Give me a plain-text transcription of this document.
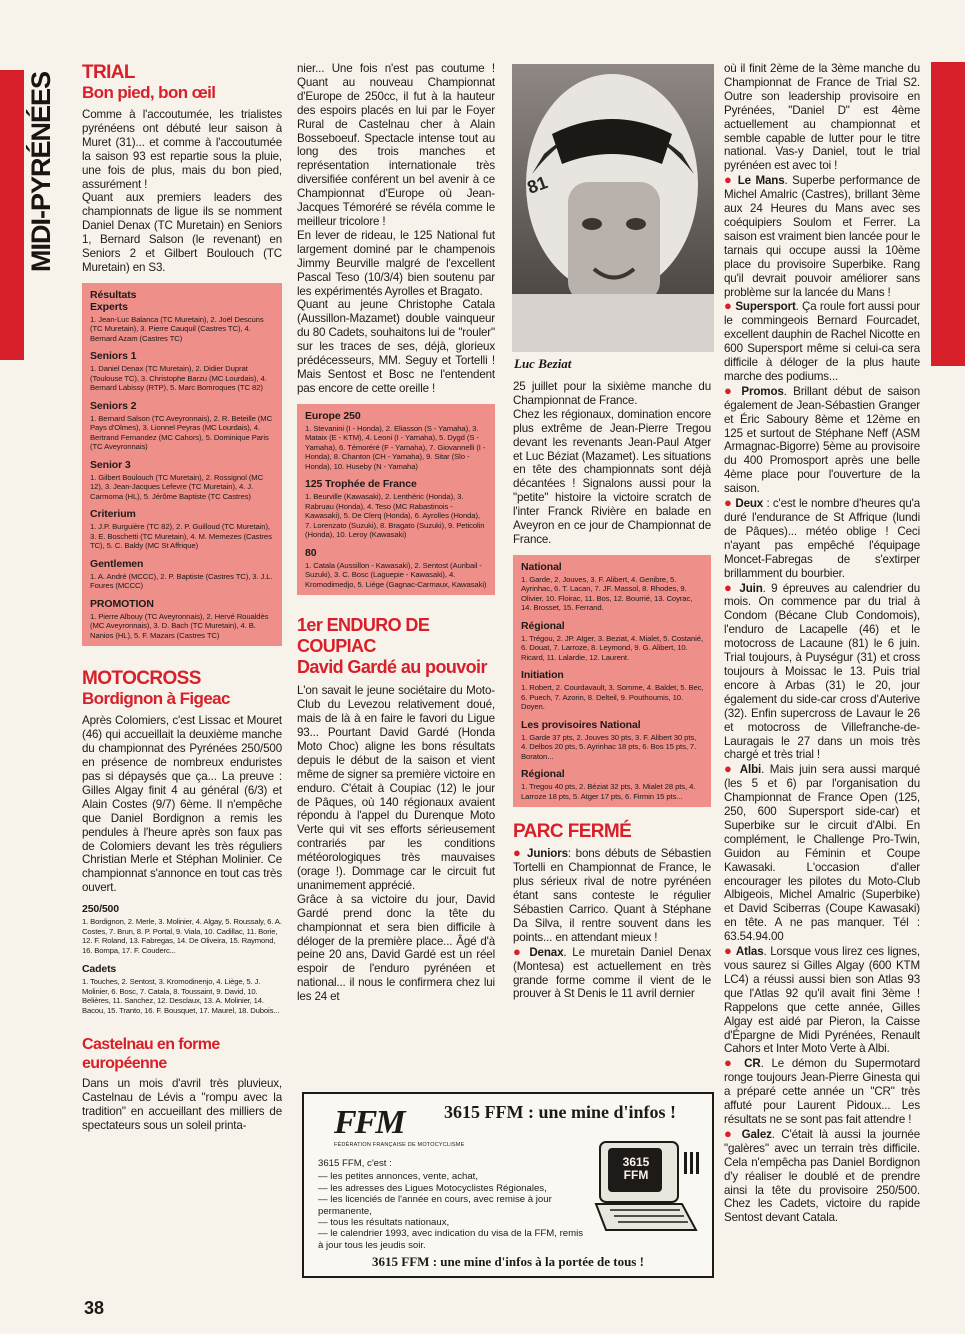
MIDI-PYRÉNÉES TRIAL
Bon pied, bon œil

Comme à l'accoutumée, les trialistes pyrénéens ont débuté leur saison à Muret (31)... et comme à l'accoutumée la saison 93 est repartie sous la pluie, une fois de plus, mais du bon pied, assurément !

Quant aux premiers leaders des championnats de ligue ils se nomment Daniel Denax (TC Muretain) en Seniors 1, Bernard Salson (le revenant) en Seniors 2 et Gilbert Boulouch (TC Muretain) en S3.

Résultats
Experts
1. Jean-Luc Balanca (TC Muretain), 2. Joël Descuns (TC Muretain), 3. Pierre Cauquil (Castres TC), 4. Bernard Azam (Castres TC)
Seniors 1
1. Daniel Denax (TC Muretain), 2. Didier Duprat (Toulouse TC), 3. Christophe Barzu (MC Lourdais), 4. Bernard Labissy (RTP), 5. Marc Bomroques (TC 82)
Seniors 2
1. Bernard Salson (TC Aveyronnais), 2. R. Beteille (MC Pays d'Olmes), 3. Lionnel Peyras (MC Lourdais), 4. Bertrand Fernandez (MC Cahors), 5. Dominique Paris (TC Aveyronnais)
Senior 3
1. Gilbert Boulouch (TC Muretain), 2. Rossignol (MC 12), 3. Jean-Jacques Lefevre (TC Muretain), 4. J. Carmoma (HL), 5. Jérôme Baptiste (TC Castres)
Criterium
1. J.P. Burguière (TC 82), 2. P. Guilloud (TC Muretain), 3. E. Boschetti (TC Muretain), 4. M. Memezes (Castres TC), 5. C. Baldy (MC St Affrique)
Gentlemen
1. A. André (MCCC), 2. P. Baptiste (Castres TC), 3. J.L. Foures (MCCC)
PROMOTION
1. Pierre Albouy (TC Aveyronnais), 2. Hervé Roualdès (MC Aveyronnais), 3. D. Bach (TC Muretain), 4. B. Nanios (HL), 5. F. Mazars (Castres TC)
MOTOCROSS
Bordignon à Figeac

Après Colomiers, c'est Lissac et Mouret (46) qui accueillait la deuxième manche du championnat des Pyrénées 250/500 en présence de nombreux enduristes pas si dépaysés que ça... La preuve : Gilles Algay finit 4 au général (6/3) et Alain Costes (9/7) 6ème. Il n'empêche que Daniel Bordignon a remis les pendules à l'heure après son faux pas de Colomiers devant les très réguliers Christian Merle et Stéphan Molinier. Ce championnat s'annonce en tout cas très ouvert.

250/500
1. Bordignon, 2. Merle, 3. Molinier, 4. Algay, 5. Roussaly, 6. A. Costes, 7. Brun, 8. P. Portal, 9. Viala, 10. Cadillac, 11. Borie, 12. F. Roland, 13. Fabregas, 14. De Oliveira, 15. Raymond, 16. Bompa, 17. F. Couderc...
Cadets
1. Touches, 2. Sentost, 3. Kromodinenjo, 4. Liège, 5. J. Molinier, 6. Bosc, 7. Catala, 8. Toussaint, 9. David, 10. Belières, 11. Sanchez, 12. Desclaux, 13. A. Molinier, 14. Bacou, 15. Tranto, 16. F. Bousquet, 17. Maurel, 18. Dubois...
Castelnau en forme européenne

Dans un mois d'avril très pluvieux, Castelnau de Lévis a "rompu avec la tradition" en accueillant des milliers de spectateurs sous un soleil printa-

nier... Une fois n'est pas coutume ! Quant au nouveau Championnat d'Europe de 250cc, il fut à la hauteur des espoirs placés en lui par le Foyer Rural de Castelnau cher à Alain Bosseboeuf. Spectacle intense tout au long des trois manches et représentation internationale très diversifiée conférent un bel avenir à ce Championnat d'Europe où Jean-Jacques Témoréré se révéla comme le meilleur tricolore !

En lever de rideau, le 125 National fut largement dominé par le champenois Jimmy Beurville malgré de l'excellent Pascal Teso (10/3/4) bien soutenu par les expérimentés Ayrolles et Bragato.

Quant au jeune Christophe Catala (Aussillon-Mazamet) double vainqueur du 80 Cadets, souhaitons lui de "rouler" sur les traces de ses, déjà, glorieux prédécesseurs, MM. Seguy et Tortelli ! Mais Sentost et Bosc ne l'entendent pas encore de cette oreille !

Europe 250
1. Stevanini (I - Honda), 2. Eliasson (S - Yamaha), 3. Mataix (E - KTM), 4. Leoni (I - Yamaha), 5. Dygd (S - Yamaha), 6. Témoréré (F - Yamaha), 7. Giovannelli (I - Honda), 8. Chanton (CH - Yamaha), 9. Sitar (Slo - Honda), 10. Huseby (N - Yamaha)
125 Trophée de France
1. Beurville (Kawasaki), 2. Lenthéric (Honda), 3. Rabruau (Honda), 4. Teso (MC Rabastinois - Kawasaki), 5. De Clerq (Honda), 6. Ayrolles (Honda), 7. Lorenzato (Suzuki), 8. Bragato (Suzuki), 9. Peticolin (Honda), 10. Leroy (Kawasaki)
80
1. Catala (Aussillon - Kawasaki), 2. Sentost (Auribail - Suzuki), 3. C. Bosc (Laguepie - Kawasaki), 4. Kromodimedjo, 5. Liège (Gagnac-Carmaux, Kawasaki)
1er ENDURO DE COUPIAC
David Gardé au pouvoir

L'on savait le jeune sociétaire du Moto-Club du Levezou relativement doué, mais de là à en faire le favori du Ligue 93... Pourtant David Gardé (Honda Moto Choc) aligne les bons résultats depuis le début de la saison et vient même de signer sa première victoire en enduro. C'était à Coupiac (12) le jour de Pâques, où 140 régionaux avaient répondu à l'appel du Durenque Moto Verte qui vit ses efforts sérieusement contrariés par les conditions météorologiques très mauvaises (orage !). Dommage car le circuit fut unanimement apprécié.

Grâce à sa victoire du jour, David Gardé prend donc la tête du championnat et sera bien difficile à déloger de la première place... Âgé d'à peine 20 ans, David Gardé est un réel espoir de l'enduro pyrénéen et national... il nous le confirmera chez lui les 24 et

81
Luc Beziat

25 juillet pour la sixième manche du Championnat de France.

Chez les régionaux, domination encore plus extrême de Jean-Pierre Tregou devant les revenants Jean-Paul Atger et Luc Béziat (Mazamet). Les situations en tête des championnats sont déjà décantées ! Signalons aussi pour la "petite" histoire la victoire scratch de l'inter Franck Rivière en balade en Aveyron en ce jour de Championnat de France.

National
1. Garde, 2. Jouves, 3. F. Alibert, 4. Genibre, 5. Ayrinhac, 6. T. Lacan, 7. JF. Massol, 8. Rhodes, 9. Olivier, 10. Floirac, 11. Bos, 12. Bourrié, 13. Coyrac, 14. Brosset, 15. Ferrand.
Régional
1. Trégou, 2. JP. Atger, 3. Beziat, 4. Mialet, 5. Costanié, 6. Douat, 7. Larroze, 8. Leymond, 9. G. Alibert, 10. Ricard, 11. Lalardie, 12. Laurent.
Initiation
1. Robert, 2. Courdavault, 3. Somme, 4. Baldet, 5. Bec, 6. Puech, 7. Azorin, 8. Delteil, 9. Pouthoumis, 10. Doyen.
Les provisoires National
1. Garde 37 pts, 2. Jouves 30 pts, 3. F. Alibert 30 pts, 4. Delbos 20 pts, 5. Ayrinhac 18 pts, 6. Bos 15 pts, 7. Boraton...
Régional
1. Tregou 40 pts, 2. Béziat 32 pts, 3. Mialet 28 pts, 4. Larroze 18 pts, 5. Atger 17 pts, 6. Firmin 15 pts...
PARC FERMÉ

● Juniors: bons débuts de Sébastien Tortelli en Championnat de France, le plus sérieux rival de notre pyrénéen étant sans conteste le régulier Sébastien Carrico. Quant à Stéphane Da Silva, il rentre souvent dans les points... en attendant mieux !

● Denax. Le muretain Daniel Denax (Montesa) est actuellement en très grande forme comme il vient de le prouver à St Denis le 11 avril dernier

où il finit 2ème de la 3ème manche du Championnat de France de Trial S2. Outre son leadership provisoire en Pyrénées, "Daniel D" est 4ème actuellement au championnat et semble capable de lutter pour le titre national. Vas-y Daniel, tout le trial pyrénéen est avec toi !

● Le Mans. Superbe performance de Michel Amalric (Castres), brillant 3ème aux 24 Heures du Mans avec ses coéquipiers Soulom et Ferrer. La saison est vraiment bien lancée pour le tarnais qui occupe aussi la 10ème place du provisoire Superbike. Rang qu'il devrait pouvoir améliorer sans problème sur la lancée du Mans !

● Supersport. Ça roule fort aussi pour le commingeois Bernard Fourcadet, excellent dauphin de Rachel Nicotte en 600 Supersport même si celui-ca sera difficile à déloger de la plus haute marche des podiums...

● Promos. Brillant début de saison également de Jean-Sébastien Granger et Éric Saboury 8ème et 12ème en 125 et surtout de Stéphane Neff (ASM Armagnac-Bigorre) 5ème au provisoire du 400 Promosport après une belle 4ème place pour l'ouverture de la saison.

● Deux : c'est le nombre d'heures qu'a duré l'endurance de St Affrique (lundi de Pâques)... météo oblige ! Ceci n'ayant pas empêché l'équipage Moncet-Fabregas de s'extirper brillamment du bourbier.

● Juin. 9 épreuves au calendrier du mois. On commence par du trial à Condom (Bécane Club Condomois), l'enduro de Lacapelle (46) et le motocross de Lacaune (81) le 6 juin. Trial toujours, à Puységur (31) et cross toujours à Moissac le 13. Puis trial encore à Arbas (31) le 20, jour également du side-car cross d'Auterive (32). Enfin supercross de Lavaur le 26 et motocross de Villefranche-de-Lauragais le 27 dans un mois très chargé et très trial !

● Albi. Mais juin sera aussi marqué (les 5 et 6) par l'organisation du Championnat de France Open (125, 250, 600 Supersport side-car) et Superbike sur le circuit d'Albi. En complément, le Challenge Pro-Twin, Guidon au Féminin et Coupe Kawasaki. L'occasion d'aller encourager les pilotes du Moto-Club Albigeois, Michel Amalric (Superbike) et David Sciberras (Coupe Kawasaki) en tête. A ne pas manquer. Tél : 63.54.94.00

● Atlas. Lorsque vous lirez ces lignes, vous saurez si Gilles Algay (600 KTM LC4) a réussi aussi bien son Atlas 93 que l'Atlas 92 qu'il avait fini 3ème ! Rappelons que cette année, Gilles Algay est aidé par Pieron, la Caisse d'Épargne de Midi Pyrénées, Renault Cahors et Inter Moto Verte à Albi.

● CR. Le démon du Supermotard ronge toujours Jean-Pierre Ginesta qui a préparé cette année un "CR" très affuté pour Laurent Pidoux... Les résultats ne se sont pas fait attendre !

● Galez. C'était là aussi la journée "galères" avec un terrain très difficile. Cela n'empêcha pas Daniel Bordignon d'y réaliser le doublé et de prendre ainsi la tête du provisoire 250/500. Chez les Cadets, victoire du rapide Sentost devant Catala.

FFM
FÉDÉRATION FRANÇAISE DE MOTOCYCLISME
3615 FFM : une mine d'infos !
3615 FFM, c'est :
— les petites annonces, vente, achat,
— les adresses des Ligues Motocyclistes Régionales,
— les licenciés de l'année en cours, avec remise à jour permanente,
— tous les résultats nationaux,
— le calendrier 1993, avec indication du visa de la FFM, remis à jour tous les jeudis soir.
3615 FFM
3615 FFM : une mine d'infos à la portée de tous !
38
